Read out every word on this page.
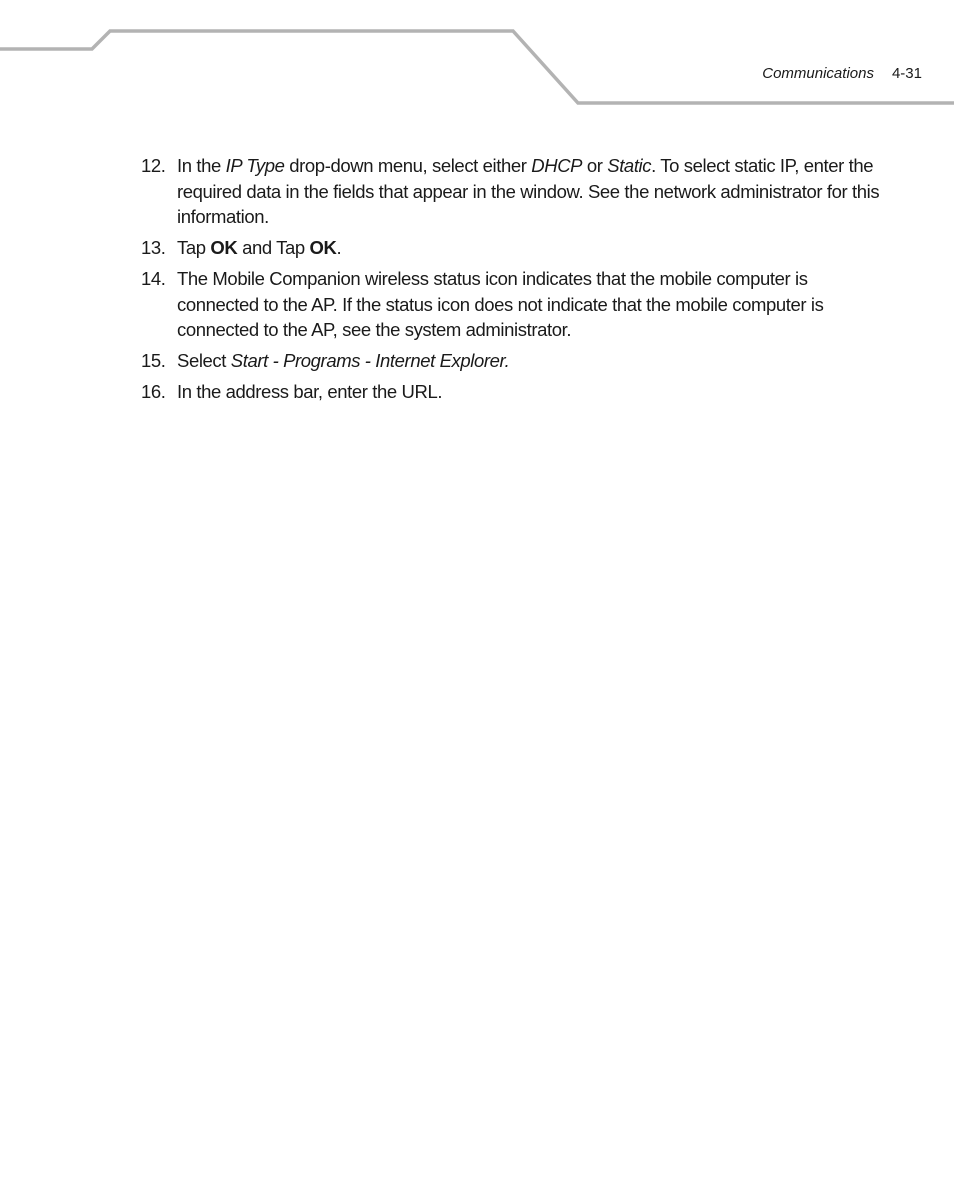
Communications 4-31
12. In the IP Type drop-down menu, select either DHCP or Static. To select static IP, enter the required data in the fields that appear in the window. See the network administrator for this information.
13. Tap OK and Tap OK.
14. The Mobile Companion wireless status icon indicates that the mobile computer is connected to the AP. If the status icon does not indicate that the mobile computer is connected to the AP, see the system administrator.
15. Select Start - Programs - Internet Explorer.
16. In the address bar, enter the URL.
